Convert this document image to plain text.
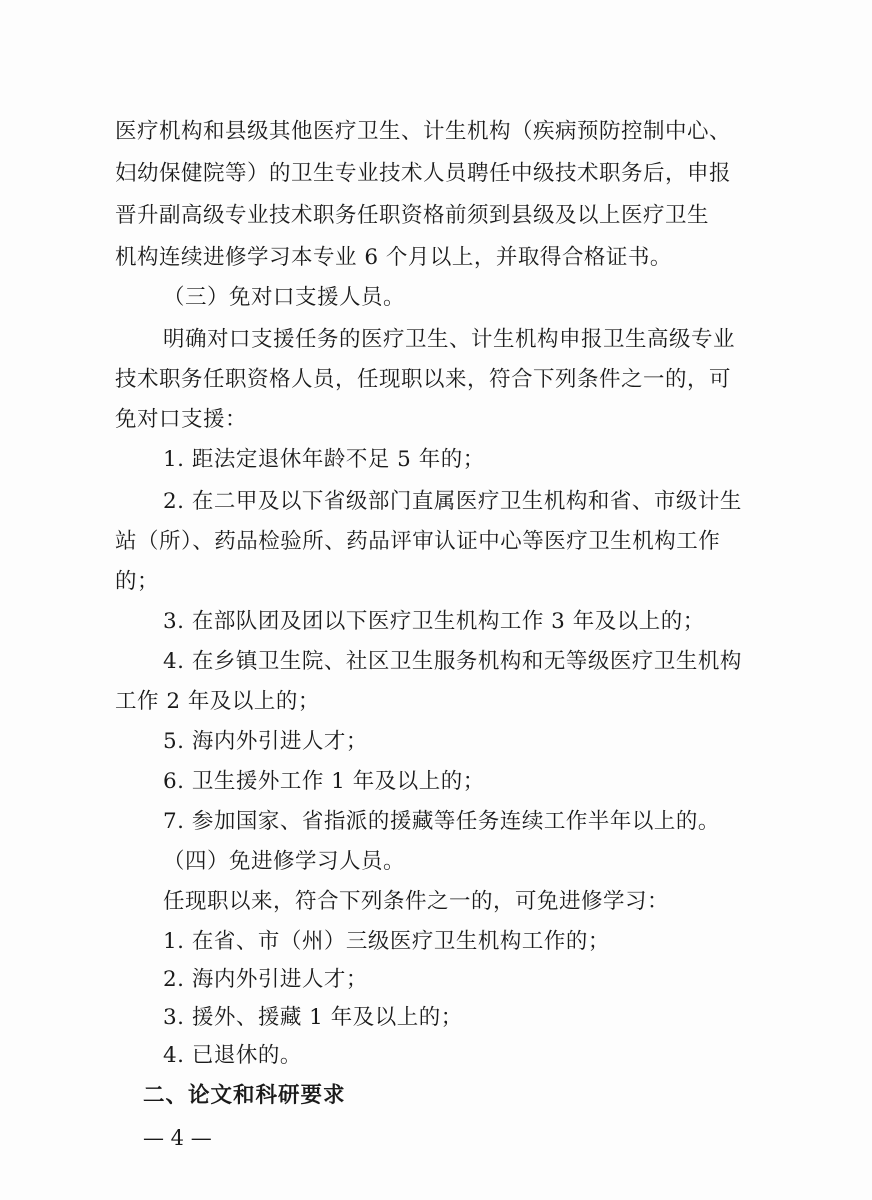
医疗机构和县级其他医疗卫生、计生机构（疾病预防控制中心、
妇幼保健院等）的卫生专业技术人员聘任中级技术职务后，申报
晋升副高级专业技术职务任职资格前须到县级及以上医疗卫生
机构连续进修学习本专业 6 个月以上，并取得合格证书。
（三）免对口支援人员。
明确对口支援任务的医疗卫生、计生机构申报卫生高级专业
技术职务任职资格人员，任现职以来，符合下列条件之一的，可
免对口支援：
1. 距法定退休年龄不足 5 年的；
2. 在二甲及以下省级部门直属医疗卫生机构和省、市级计生
站（所）、药品检验所、药品评审认证中心等医疗卫生机构工作
的；
3. 在部队团及团以下医疗卫生机构工作 3 年及以上的；
4. 在乡镇卫生院、社区卫生服务机构和无等级医疗卫生机构
工作 2 年及以上的；
5. 海内外引进人才；
6. 卫生援外工作 1 年及以上的；
7. 参加国家、省指派的援藏等任务连续工作半年以上的。
（四）免进修学习人员。
任现职以来，符合下列条件之一的，可免进修学习：
1. 在省、市（州）三级医疗卫生机构工作的；
2. 海内外引进人才；
3. 援外、援藏 1 年及以上的；
4. 已退休的。
二、论文和科研要求
— 4 —
